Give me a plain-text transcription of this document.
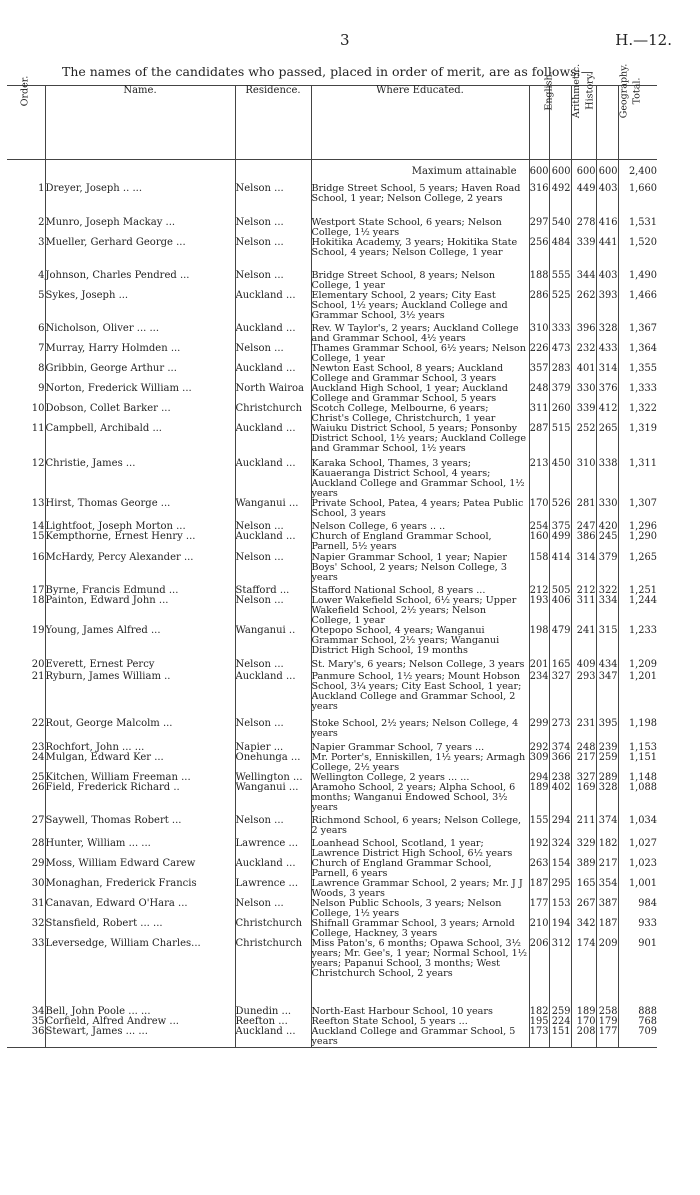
3	H.—12.
The names of the candidates who passed, placed in order of merit, are as follows:—
Order.	Name.	Residence.	Where Educated.	English.	Arithmetic.	History.	Geography.	Total.
			Maximum attainable	600	600	600	600	2,400
1	Dreyer, Joseph .. ...	Nelson ...	Bridge Street School, 5 years; Haven Road School, 1 year; Nelson College, 2 years	316	492	449	403	1,660
2	Munro, Joseph Mackay ...	Nelson ...	Westport State School, 6 years; Nelson College, 1½ years	297	540	278	416	1,531
3	Mueller, Gerhard George ...	Nelson ...	Hokitika Academy, 3 years; Hokitika State School, 4 years; Nelson College, 1 year	256	484	339	441	1,520
4	Johnson, Charles Pendred ...	Nelson ...	Bridge Street School, 8 years; Nelson College, 1 year	188	555	344	403	1,490
5	Sykes, Joseph ...	Auckland ...	Elementary School, 2 years; City East School, 1½ years; Auckland College and Grammar School, 3½ years	286	525	262	393	1,466
6	Nicholson, Oliver ... ...	Auckland ...	Rev. W Taylor's, 2 years; Auckland College and Grammar School, 4½ years	310	333	396	328	1,367
7	Murray, Harry Holmden ...	Nelson ...	Thames Grammar School, 6½ years; Nelson College, 1 year	226	473	232	433	1,364
8	Gribbin, George Arthur ...	Auckland ...	Newton East School, 8 years; Auckland College and Grammar School, 3 years	357	283	401	314	1,355
9	Norton, Frederick William ...	North Wairoa	Auckland High School, 1 year; Auckland College and Grammar School, 5 years	248	379	330	376	1,333
10	Dobson, Collet Barker ...	Christchurch	Scotch College, Melbourne, 6 years; Christ's College, Christchurch, 1 year	311	260	339	412	1,322
11	Campbell, Archibald ...	Auckland ...	Waiuku District School, 5 years; Ponsonby District School, 1½ years; Auckland College and Grammar School, 1½ years	287	515	252	265	1,319
12	Christie, James ...	Auckland ...	Karaka School, Thames, 3 years; Kauaeranga District School, 4 years; Auckland College and Grammar School, 1½ years	213	450	310	338	1,311
13	Hirst, Thomas George ...	Wanganui ...	Private School, Patea, 4 years; Patea Public School, 3 years	170	526	281	330	1,307
14	Lightfoot, Joseph Morton ...	Nelson ...	Nelson College, 6 years .. ..	254	375	247	420	1,296
15	Kempthorne, Ernest Henry ...	Auckland ...	Church of England Grammar School, Parnell, 5½ years	160	499	386	245	1,290
16	McHardy, Percy Alexander ...	Nelson ...	Napier Grammar School, 1 year; Napier Boys' School, 2 years; Nelson College, 3 years	158	414	314	379	1,265
17	Byrne, Francis Edmund ...	Stafford ...	Stafford National School, 8 years ...	212	505	212	322	1,251
18	Painton, Edward John ...	Nelson ...	Lower Wakefield School, 6½ years; Upper Wakefield School, 2½ years; Nelson College, 1 year	193	406	311	334	1,244
19	Young, James Alfred ...	Wanganui ..	Otepopo School, 4 years; Wanganui Grammar School, 2½ years; Wanganui District High School, 19 months	198	479	241	315	1,233
20	Everett, Ernest Percy	Nelson ...	St. Mary's, 6 years; Nelson College, 3 years	201	165	409	434	1,209
21	Ryburn, James William ..	Auckland ...	Panmure School, 1½ years; Mount Hobson School, 3¼ years; City East School, 1 year; Auckland College and Grammar School, 2 years	234	327	293	347	1,201
22	Rout, George Malcolm ...	Nelson ...	Stoke School, 2½ years; Nelson College, 4 years	299	273	231	395	1,198
23	Rochfort, John ... ...	Napier ...	Napier Grammar School, 7 years ...	292	374	248	239	1,153
24	Mulgan, Edward Ker ...	Onehunga ...	Mr. Porter's, Enniskillen, 1½ years; Armagh College, 2½ years	309	366	217	259	1,151
25	Kitchen, William Freeman ...	Wellington ...	Wellington College, 2 years ... ...	294	238	327	289	1,148
26	Field, Frederick Richard ..	Wanganui ...	Aramoho School, 2 years; Alpha School, 6 months; Wanganui Endowed School, 3½ years	189	402	169	328	1,088
27	Saywell, Thomas Robert ...	Nelson ...	Richmond School, 6 years; Nelson College, 2 years	155	294	211	374	1,034
28	Hunter, William ... ...	Lawrence ...	Loanhead School, Scotland, 1 year; Lawrence District High School, 6½ years	192	324	329	182	1,027
29	Moss, William Edward Carew	Auckland ...	Church of England Grammar School, Parnell, 6 years	263	154	389	217	1,023
30	Monaghan, Frederick Francis	Lawrence ...	Lawrence Grammar School, 2 years; Mr. J J Woods, 3 years	187	295	165	354	1,001
31	Canavan, Edward O'Hara ...	Nelson ...	Nelson Public Schools, 3 years; Nelson College, 1½ years	177	153	267	387	984
32	Stansfield, Robert ... ...	Christchurch	Shifnall Grammar School, 3 years; Arnold College, Hackney, 3 years	210	194	342	187	933
33	Leversedge, William Charles...	Christchurch	Miss Paton's, 6 months; Opawa School, 3½ years; Mr. Gee's, 1 year; Normal School, 1½ years; Papanui School, 3 months; West Christchurch School, 2 years	206	312	174	209	901
34	Bell, John Poole ... ...	Dunedin ...	North-East Harbour School, 10 years	182	259	189	258	888
35	Corfield, Alfred Andrew ...	Reefton ...	Reefton State School, 5 years ...	195	224	170	179	768
36	Stewart, James ... ...	Auckland ...	Auckland College and Grammar School, 5 years	173	151	208	177	709
